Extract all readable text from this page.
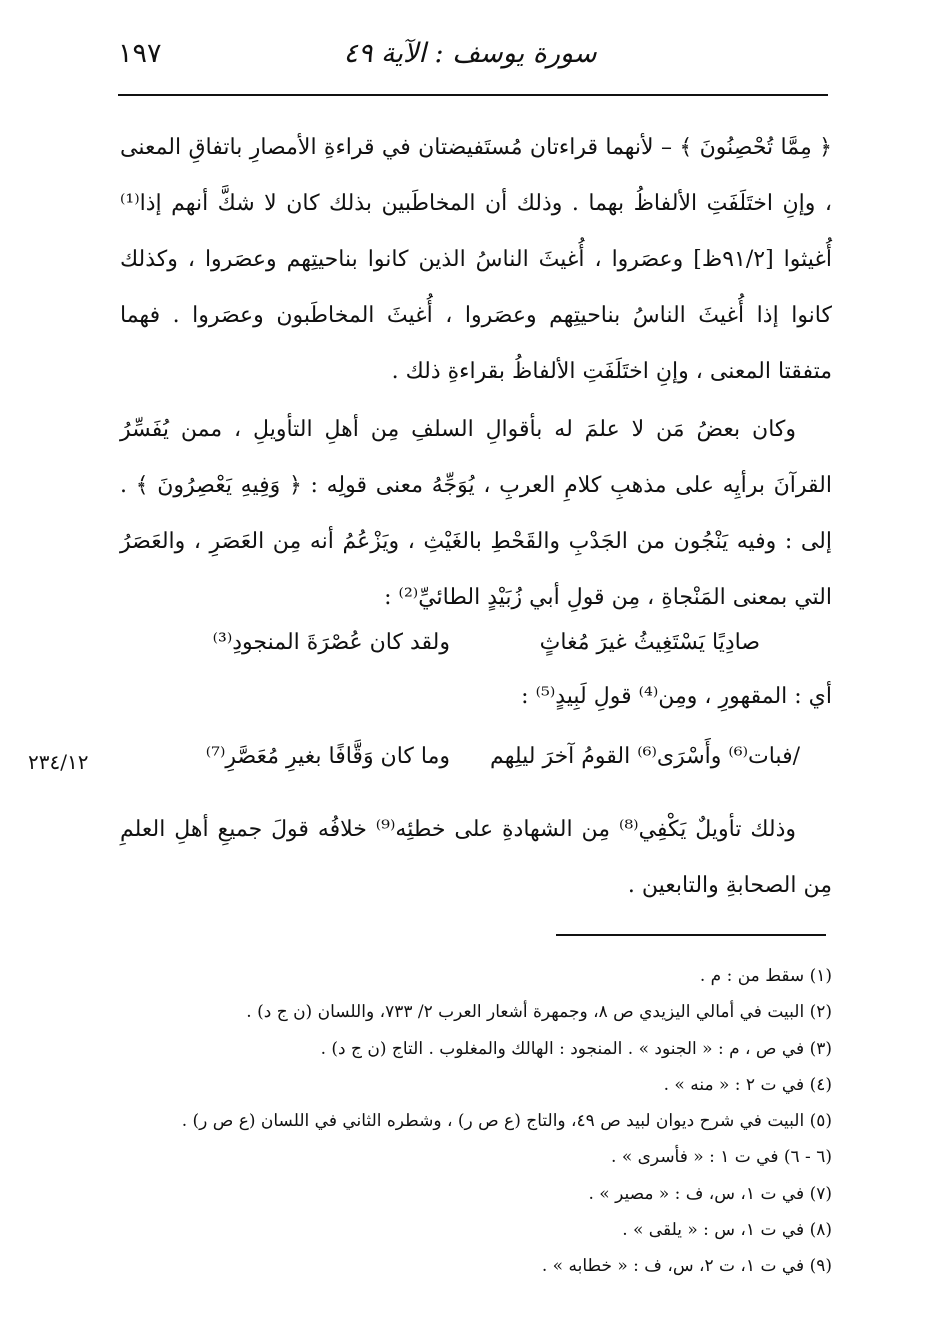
سورة يوسف : الآية ٤٩
١٩٧
﴿ مِمَّا تُحْصِنُونَ ﴾ – لأنهما قراءتان مُستَفيضتان في قراءةِ الأمصارِ باتفاقِ المعنى ، وإنِ اختَلَفَتِ الألفاظُ بهما . وذلك أن المخاطَبين بذلك كان لا شكَّ أنهم إذا⁽¹⁾ أُغيثوا [٩١/٢ظ] وعصَروا ، أُغيثَ الناسُ الذين كانوا بناحيتِهم وعصَروا ، وكذلك كانوا إذا أُغيثَ الناسُ بناحيتِهم وعصَروا ، أُغيثَ المخاطَبون وعصَروا . فهما متفقتا المعنى ، وإنِ اختَلَفَتِ الألفاظُ بقراءةِ ذلك .
وكان بعضُ مَن لا علمَ له بأقوالِ السلفِ مِن أهلِ التأويلِ ، ممن يُفَسِّرُ القرآنَ برأيِه على مذهبِ كلامِ العربِ ، يُوَجِّهُ معنى قولِه : ﴿ وَفِيهِ يَعْصِرُونَ ﴾ . إلى : وفيه يَنْجُون من الجَدْبِ والقَحْطِ بالغَيْثِ ، ويَزْعُمُ أنه مِن العَصَرِ ، والعَصَرُ التي بمعنى المَنْجاةِ ، مِن قولِ أبي زُبَيْدٍ الطائيِّ⁽²⁾ :
صادِيًا يَسْتَغِيثُ غيرَ مُغاثٍ
ولقد كان عُصْرَةَ المنجودِ⁽³⁾
أي : المقهورِ ، ومِن⁽⁴⁾ قولِ لَبِيدٍ⁽⁵⁾ :
/فبات⁽⁶⁾ وأَسْرَى⁽⁶⁾ القومُ آخرَ ليلِهم
وما كان وَقَّافًا بغيرِ مُعَصَّرِ⁽⁷⁾
٢٣٤/١٢
وذلك تأويلٌ يَكْفِي⁽⁸⁾ مِن الشهادةِ على خطئِه⁽⁹⁾ خلافُه قولَ جميعِ أهلِ العلمِ مِن الصحابةِ والتابعين .
(١) سقط من : م .
(٢) البيت في أمالي اليزيدي ص ٨، وجمهرة أشعار العرب ٢/ ٧٣٣، واللسان (ن ج د) .
(٣) في ص ، م : « الجنود » . المنجود : الهالك والمغلوب . التاج (ن ج د) .
(٤) في ت ٢ : « منه » .
(٥) البيت في شرح ديوان لبيد ص ٤٩، والتاج (ع ص ر) ، وشطره الثاني في اللسان (ع ص ر) .
(٦ - ٦) في ت ١ : « فأسرى » .
(٧) في ت ١، س، ف : « مصير » .
(٨) في ت ١، س : « يلقى » .
(٩) في ت ١، ت ٢، س، ف : « خطابه » .
